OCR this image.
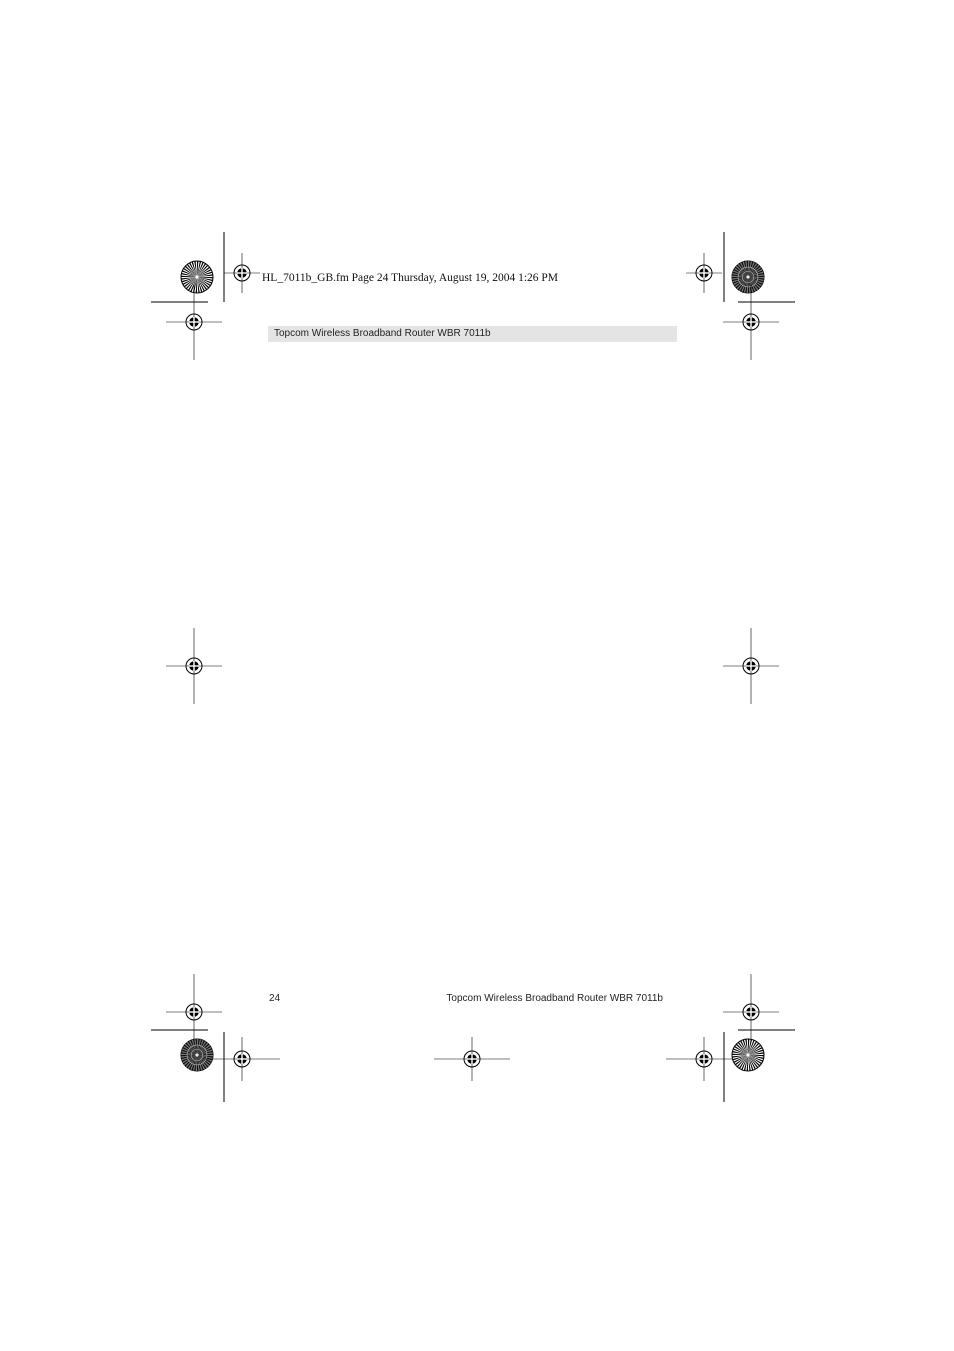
HL_7011b_GB.fm Page 24 Thursday, August 19, 2004 1:26 PM
Topcom Wireless Broadband Router WBR 7011b
24	Topcom Wireless Broadband Router WBR 7011b
